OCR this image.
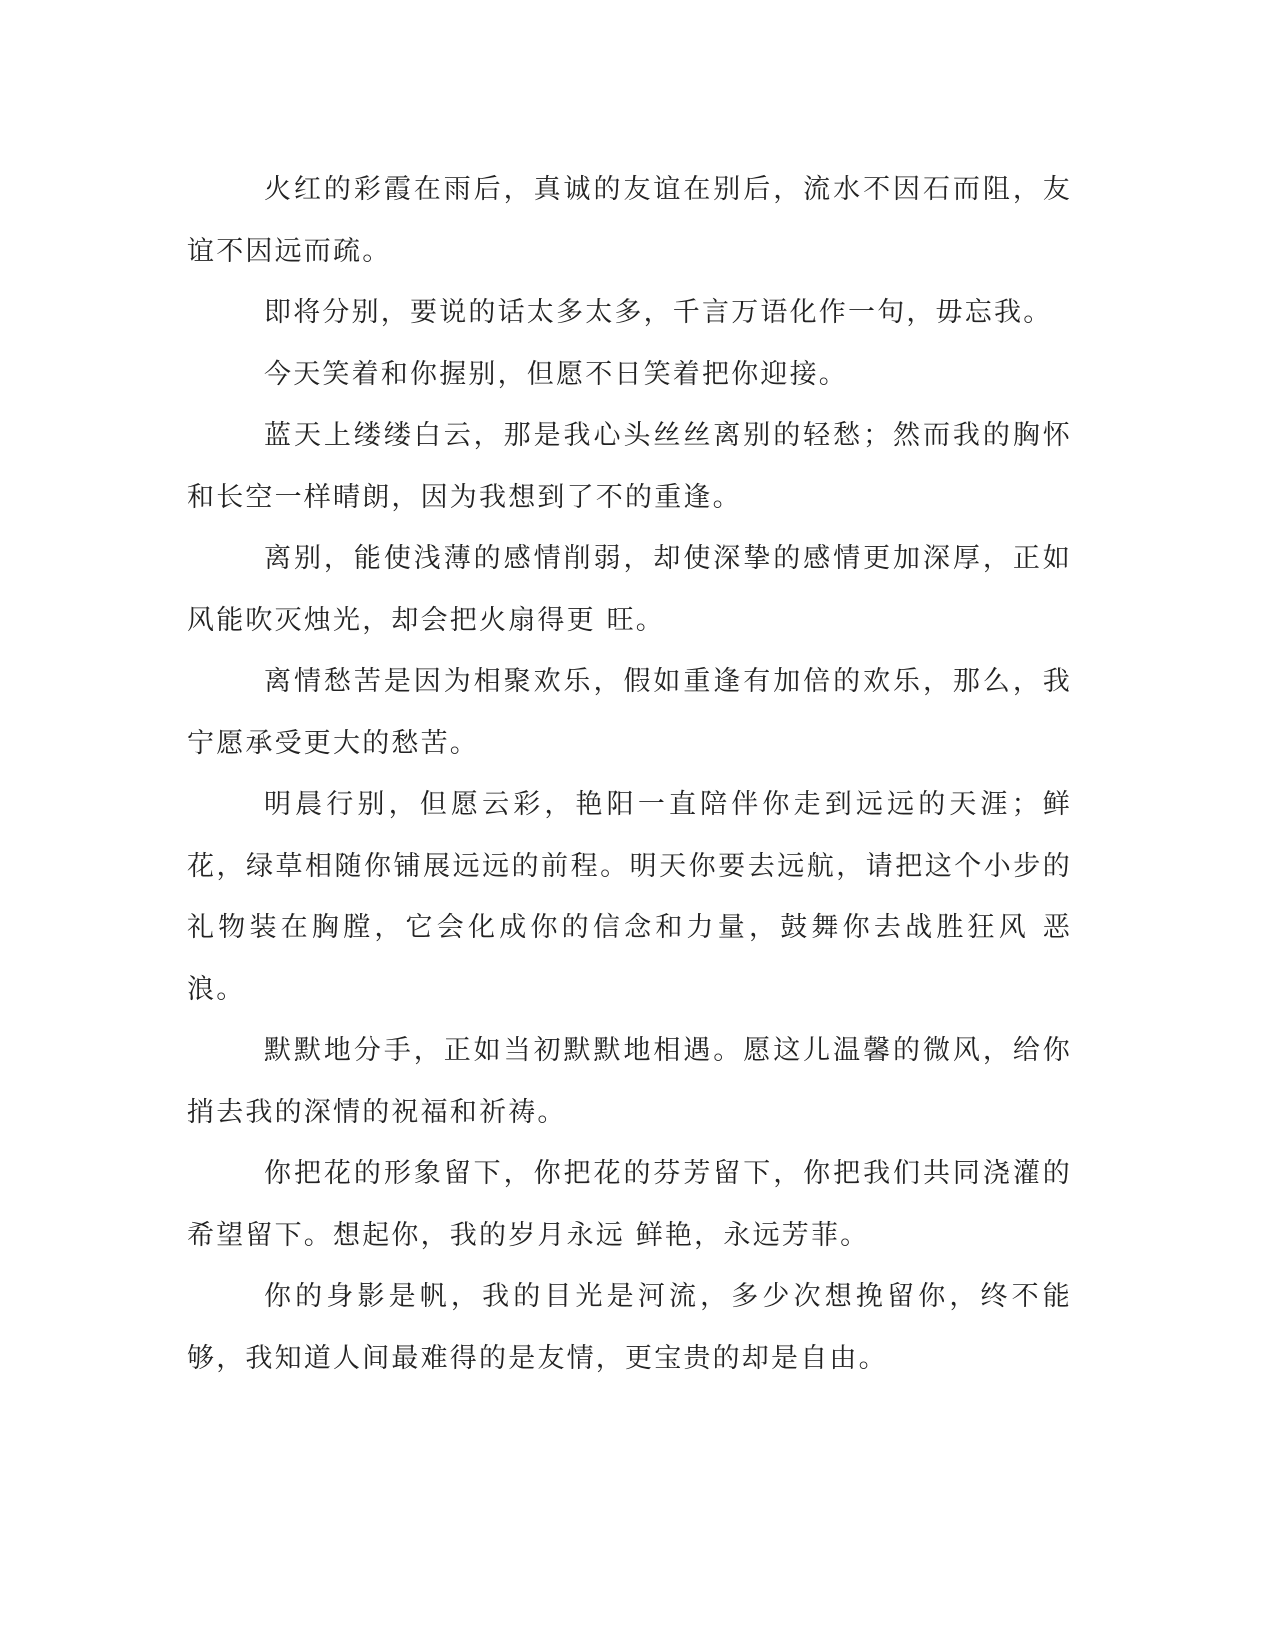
火红的彩霞在雨后，真诚的友谊在别后，流水不因石而阻，友谊不因远而疏。

即将分别，要说的话太多太多，千言万语化作一句，毋忘我。

今天笑着和你握别，但愿不日笑着把你迎接。

蓝天上缕缕白云，那是我心头丝丝离别的轻愁；然而我的胸怀和长空一样晴朗，因为我想到了不的重逢。

离别，能使浅薄的感情削弱，却使深挚的感情更加深厚，正如风能吹灭烛光，却会把火扇得更 旺。

离情愁苦是因为相聚欢乐，假如重逢有加倍的欢乐，那么，我宁愿承受更大的愁苦。

明晨行别，但愿云彩，艳阳一直陪伴你走到远远的天涯；鲜花，绿草相随你铺展远远的前程。明天你要去远航，请把这个小步的礼物装在胸膛，它会化成你的信念和力量，鼓舞你去战胜狂风 恶浪。

默默地分手，正如当初默默地相遇。愿这儿温馨的微风，给你捎去我的深情的祝福和祈祷。

你把花的形象留下，你把花的芬芳留下，你把我们共同浇灌的希望留下。想起你，我的岁月永远 鲜艳，永远芳菲。

你的身影是帆，我的目光是河流，多少次想挽留你，终不能够，我知道人间最难得的是友情，更宝贵的却是自由。
